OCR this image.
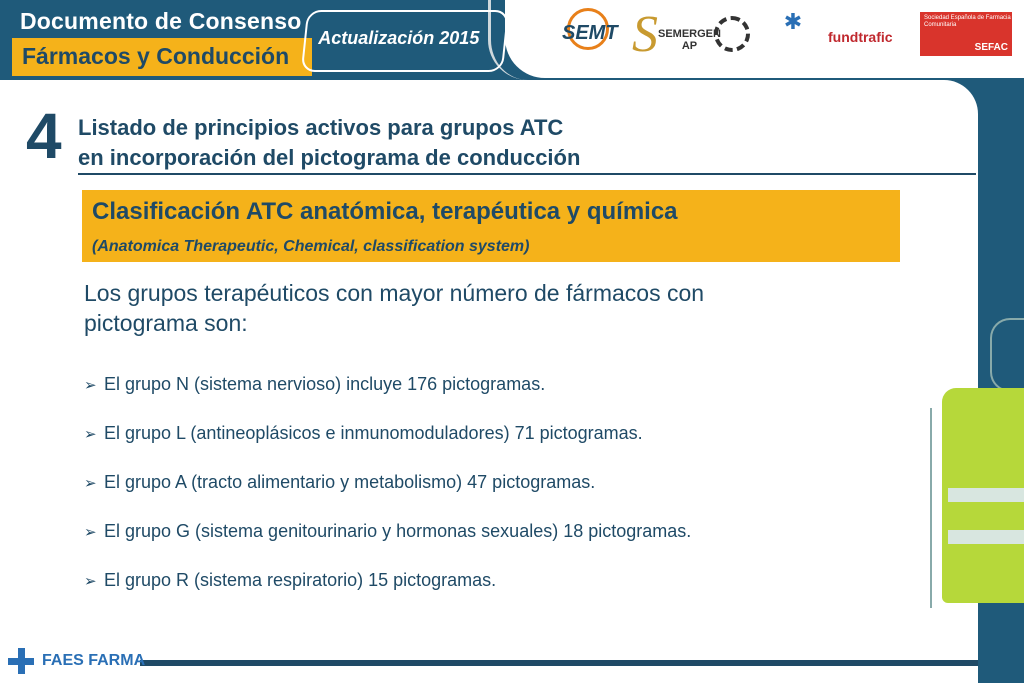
Documento de Consenso
Fármacos y Conducción
Actualización 2015	SEMT S SEMERGEN AP
✱
fundtrafic
Sociedad Española de Farmacia Comunitaria
SEFAC
4 Listado de principios activos para grupos ATC
en incorporación del pictograma de conducción
Clasificación ATC anatómica, terapéutica y química
(Anatomica Therapeutic, Chemical, classification system)
Los grupos terapéuticos con mayor número de fármacos con pictograma son:
➢ El grupo N (sistema nervioso) incluye 176 pictogramas.
➢ El grupo L (antineoplásicos e inmunomoduladores) 71 pictogramas.
➢ El grupo A (tracto alimentario y metabolismo) 47 pictogramas.
➢ El grupo G (sistema genitourinario y hormonas sexuales) 18 pictogramas.
➢ El grupo R (sistema respiratorio) 15 pictogramas.
FAES FARMA
